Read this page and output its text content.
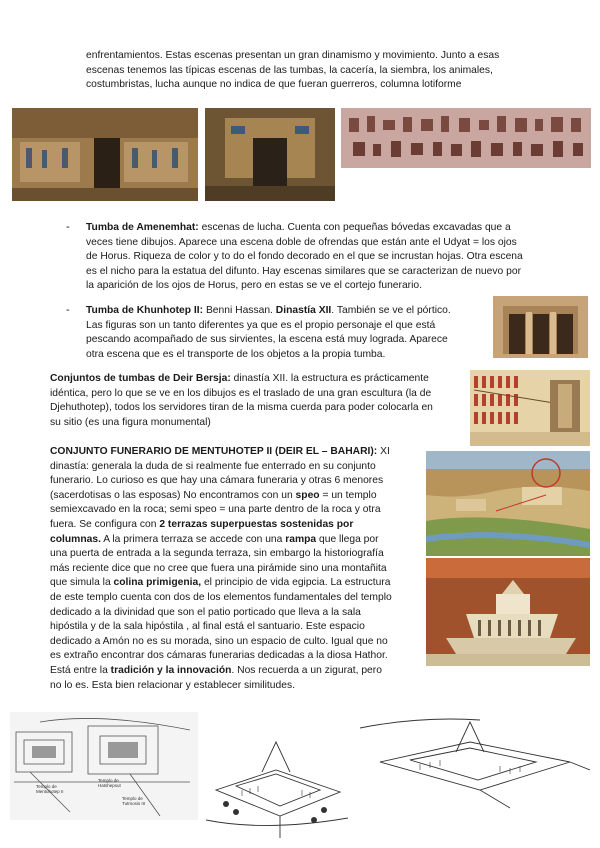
enfrentamientos. Estas escenas presentan un gran dinamismo y movimiento. Junto a esas
escenas tenemos las típicas escenas de las tumbas, la cacería, la siembra, los animales,
costumbristas, lucha aunque no indica de que fueran guerreros, columna lotiforme
- Tumba de Amenemhat: escenas de lucha. Cuenta con pequeñas bóvedas excavadas que a
veces tiene dibujos. Aparece una escena doble de ofrendas que están ante el Udyat = los ojos
de Horus. Riqueza de color y to do el fondo decorado en el que se incrustan hojas. Otra escena
es el nicho para la estatua del difunto. Hay escenas similares que se caracterizan de nuevo por
la aparición de los ojos de Horus, pero en estas se ve el cortejo funerario.
- Tumba de Khunhotep II: Benni Hassan. Dinastía XII. También se ve el pórtico.
Las figuras son un tanto diferentes ya que es el propio personaje el que está
pescando acompañado de sus sirvientes, la escena está muy lograda. Aparece
otra escena que es el transporte de los objetos a la propia tumba.
Conjuntos de tumbas de Deir Bersja: dinastía XII. la estructura es prácticamente
idéntica, pero lo que se ve en los dibujos es el traslado de una gran escultura (la de
Djehuthotep), todos los servidores tiran de la misma cuerda para poder colocarla en
su sitio (es una figura monumental)
CONJUNTO FUNERARIO DE MENTUHOTEP II (DEIR EL – BAHARI): XI
dinastía: generala la duda de si realmente fue enterrado en su conjunto
funerario. Lo curioso es que hay una cámara funeraria y otras 6 menores
(sacerdotisas o las esposas) No encontramos con un speo = un templo
semiexcavado en la roca; semi speo = una parte dentro de la roca y otra
fuera. Se configura con 2 terrazas superpuestas sostenidas por
columnas. A la primera terraza se accede con una rampa que llega por
una puerta de entrada a la segunda terraza, sin embargo la historiografía
más reciente dice que no cree que fuera una pirámide sino una montañita
que simula la colina primigenia, el principio de vida egipcia. La estructura
de este templo cuenta con dos de los elementos fundamentales del templo
dedicado a la divinidad que son el patio porticado que lleva a la sala
hipóstila y de la sala hipóstila , al final está el santuario. Este espacio
dedicado a Amón no es su morada, sino un espacio de culto. Igual que no
es extraño encontrar dos cámaras funerarias dedicadas a la diosa Hathor.
Está entre la tradición y la innovación. Nos recuerda a un zigurat, pero
no lo es. Esta bien relacionar y establecer similitudes.
Templo de Mentuhotep II
Templo de Hatshepsut
Templo de Tutmosis III
